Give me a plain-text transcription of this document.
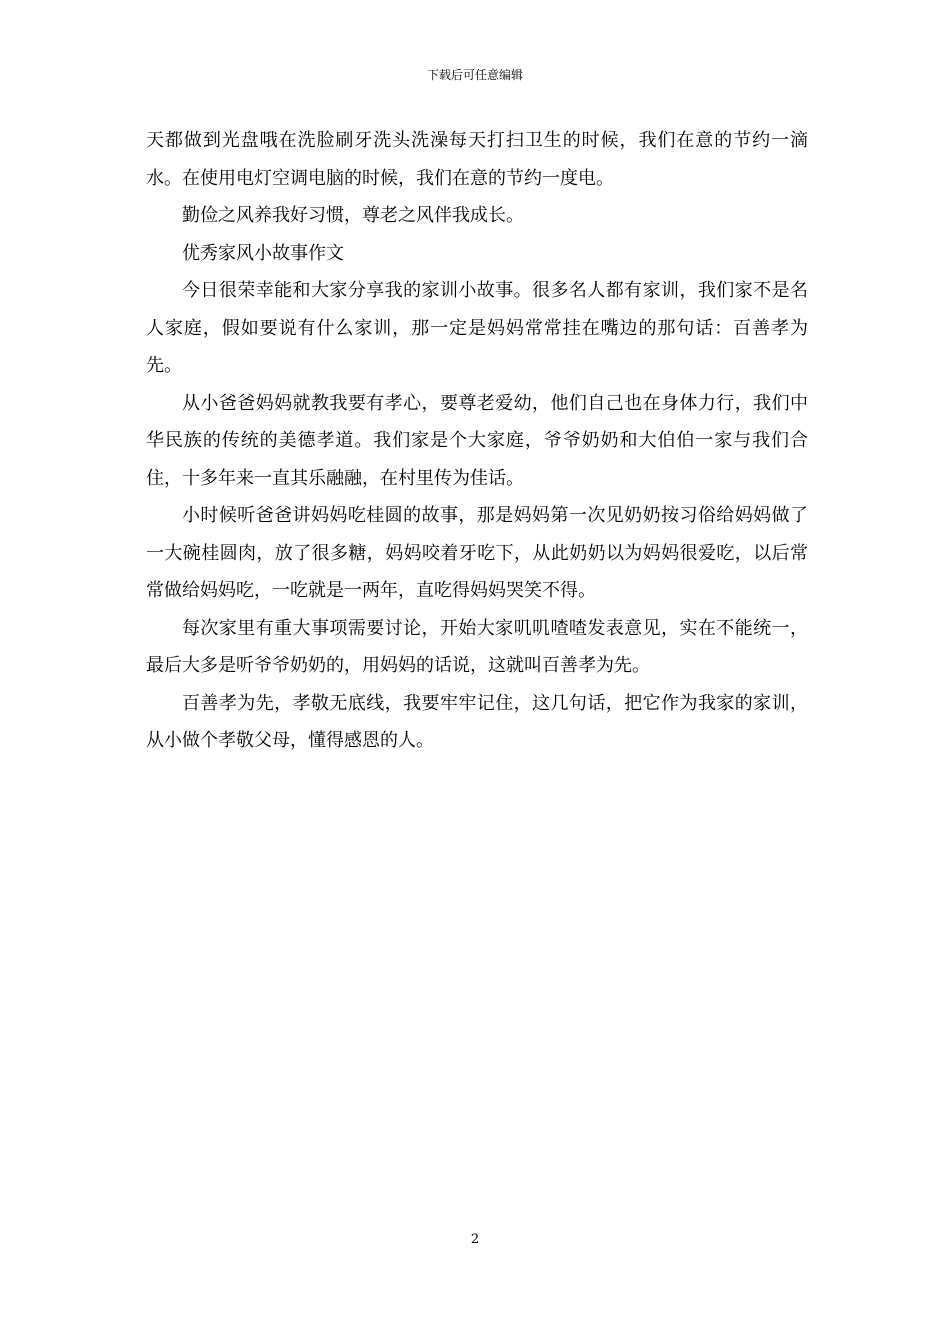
下载后可任意编辑

天都做到光盘哦在洗脸刷牙洗头洗澡每天打扫卫生的时候，我们在意的节约一滴水。在使用电灯空调电脑的时候，我们在意的节约一度电。

勤俭之风养我好习惯，尊老之风伴我成长。

优秀家风小故事作文

今日很荣幸能和大家分享我的家训小故事。很多名人都有家训，我们家不是名人家庭，假如要说有什么家训，那一定是妈妈常常挂在嘴边的那句话：百善孝为先。

从小爸爸妈妈就教我要有孝心，要尊老爱幼，他们自己也在身体力行，我们中华民族的传统的美德孝道。我们家是个大家庭，爷爷奶奶和大伯伯一家与我们合住，十多年来一直其乐融融，在村里传为佳话。

小时候听爸爸讲妈妈吃桂圆的故事，那是妈妈第一次见奶奶按习俗给妈妈做了一大碗桂圆肉，放了很多糖，妈妈咬着牙吃下，从此奶奶以为妈妈很爱吃，以后常常做给妈妈吃，一吃就是一两年，直吃得妈妈哭笑不得。

每次家里有重大事项需要讨论，开始大家叽叽喳喳发表意见，实在不能统一，最后大多是听爷爷奶奶的，用妈妈的话说，这就叫百善孝为先。

百善孝为先，孝敬无底线，我要牢牢记住，这几句话，把它作为我家的家训，从小做个孝敬父母，懂得感恩的人。

2
